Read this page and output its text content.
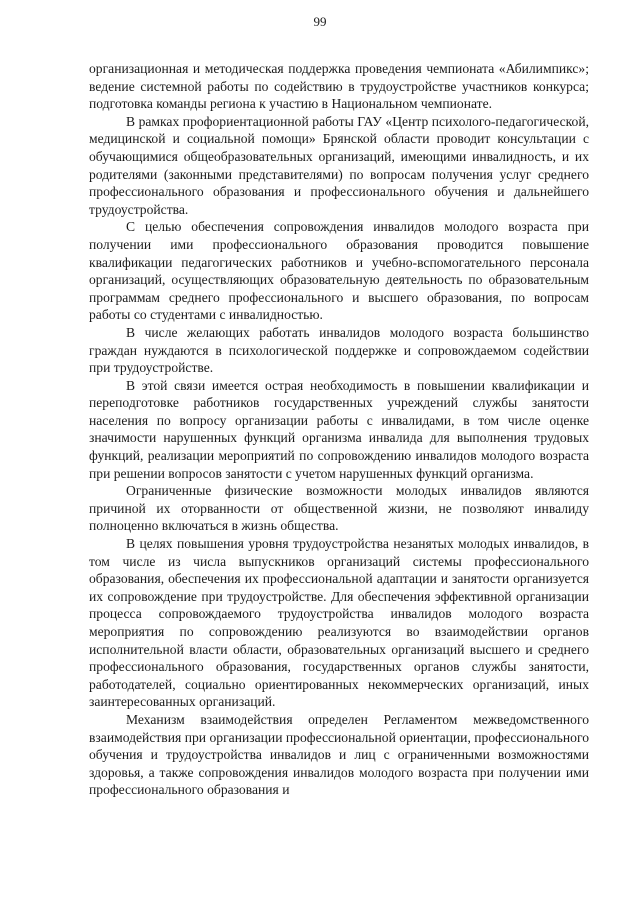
99

организационная и методическая поддержка проведения чемпионата «Абилимпикс»; ведение системной работы по содействию в трудоустройстве участников конкурса; подготовка команды региона к участию в Национальном чемпионате.

В рамках профориентационной работы ГАУ «Центр психолого-педагогической, медицинской и социальной помощи» Брянской области проводит консультации с обучающимися общеобразовательных организаций, имеющими инвалидность, и их родителями (законными представителями) по вопросам получения услуг среднего профессионального образования и профессионального обучения и дальнейшего трудоустройства.

С целью обеспечения сопровождения инвалидов молодого возраста при получении ими профессионального образования проводится повышение квалификации педагогических работников и учебно-вспомогательного персонала организаций, осуществляющих образовательную деятельность по образовательным программам среднего профессионального и высшего образования, по вопросам работы со студентами с инвалидностью.

В числе желающих работать инвалидов молодого возраста большинство граждан нуждаются в психологической поддержке и сопровождаемом содействии при трудоустройстве.

В этой связи имеется острая необходимость в повышении квалификации и переподготовке работников государственных учреждений службы занятости населения по вопросу организации работы с инвалидами, в том числе оценке значимости нарушенных функций организма инвалида для выполнения трудовых функций, реализации мероприятий по сопровождению инвалидов молодого возраста при решении вопросов занятости с учетом нарушенных функций организма.

Ограниченные физические возможности молодых инвалидов являются причиной их оторванности от общественной жизни, не позволяют инвалиду полноценно включаться в жизнь общества.

В целях повышения уровня трудоустройства незанятых молодых инвалидов, в том числе из числа выпускников организаций системы профессионального образования, обеспечения их профессиональной адаптации и занятости организуется их сопровождение при трудоустройстве. Для обеспечения эффективной организации процесса сопровождаемого трудоустройства инвалидов молодого возраста мероприятия по сопровождению реализуются во взаимодействии органов исполнительной власти области, образовательных организаций высшего и среднего профессионального образования, государственных органов службы занятости, работодателей, социально ориентированных некоммерческих организаций, иных заинтересованных организаций.

Механизм взаимодействия определен Регламентом межведомственного взаимодействия при организации профессиональной ориентации, профессионального обучения и трудоустройства инвалидов и лиц с ограниченными возможностями здоровья, а также сопровождения инвалидов молодого возраста при получении ими профессионального образования и
